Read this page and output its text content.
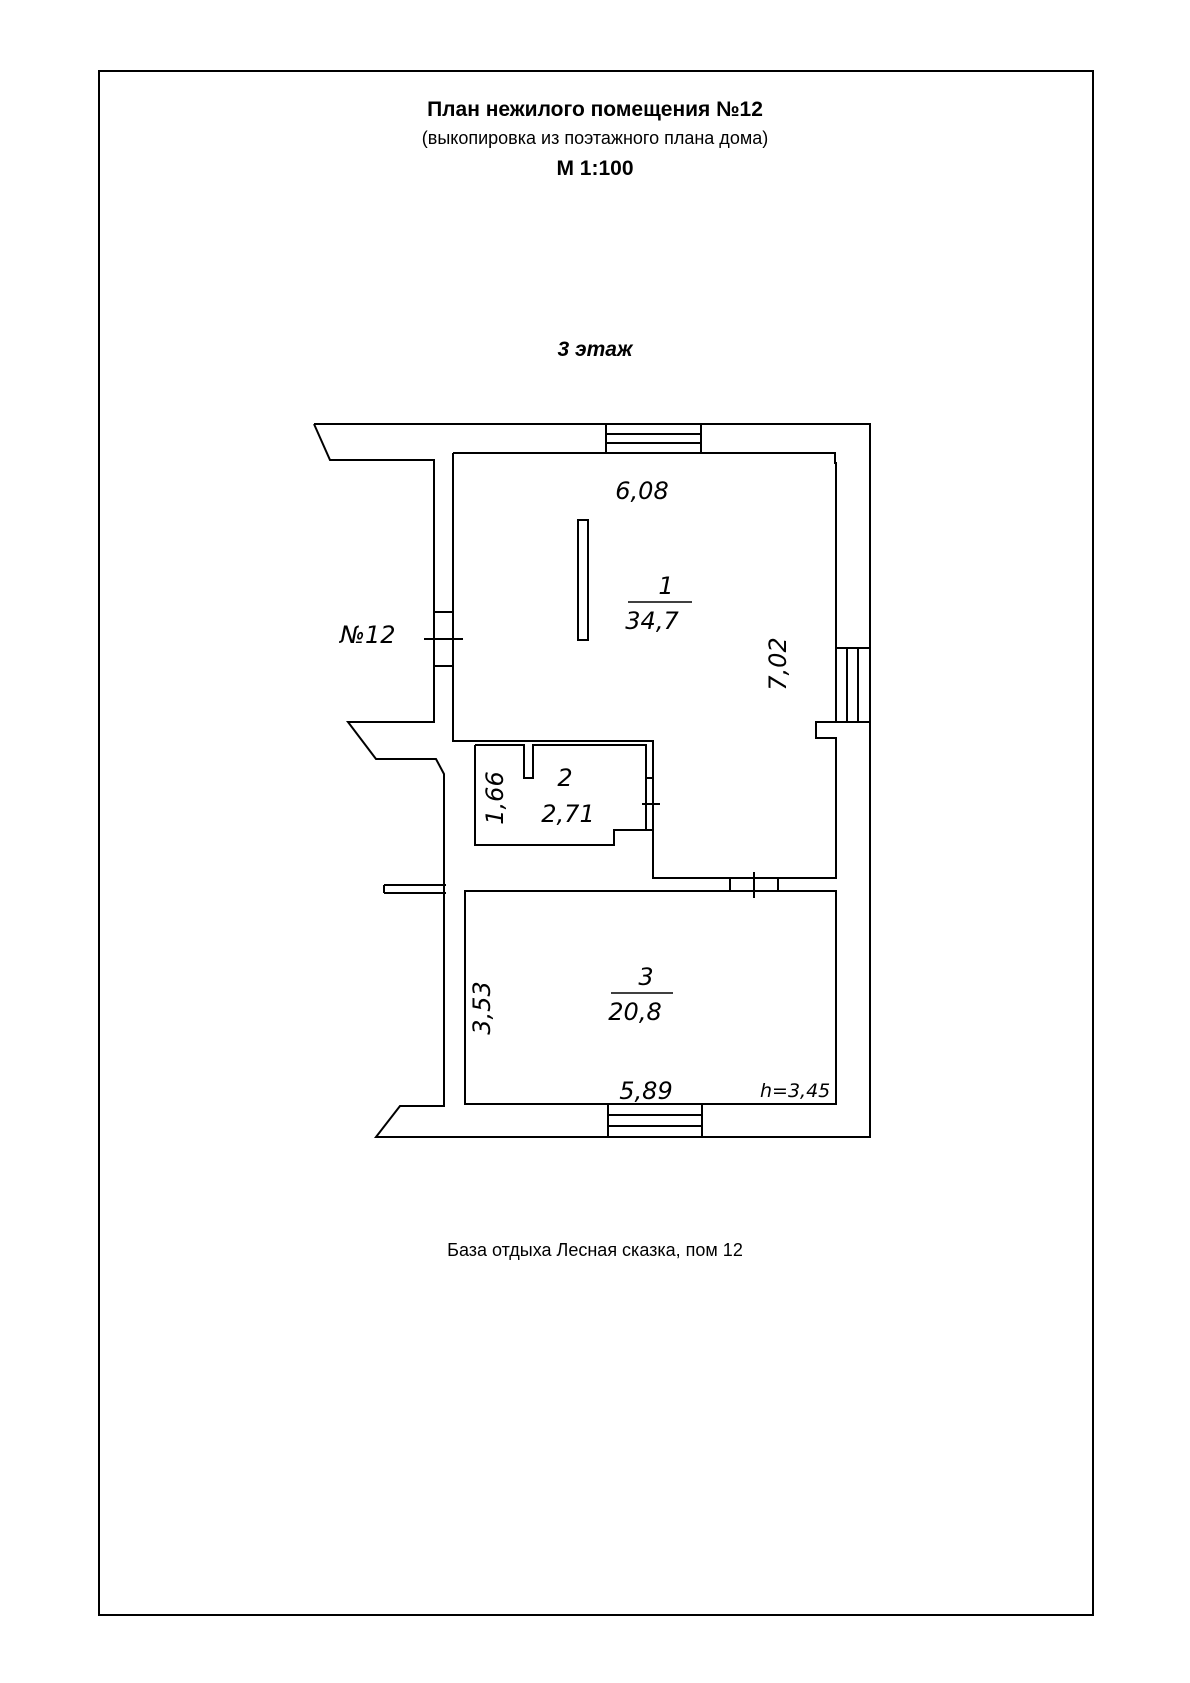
План нежилого помещения №12
(выкопировка из поэтажного плана дома)
М 1:100
3 этаж
№12
6,08
1
34,7
7,02
2
2,71
1,66
3
20,8
3,53
5,89	h=3,45
База отдыха Лесная сказка, пом 12
